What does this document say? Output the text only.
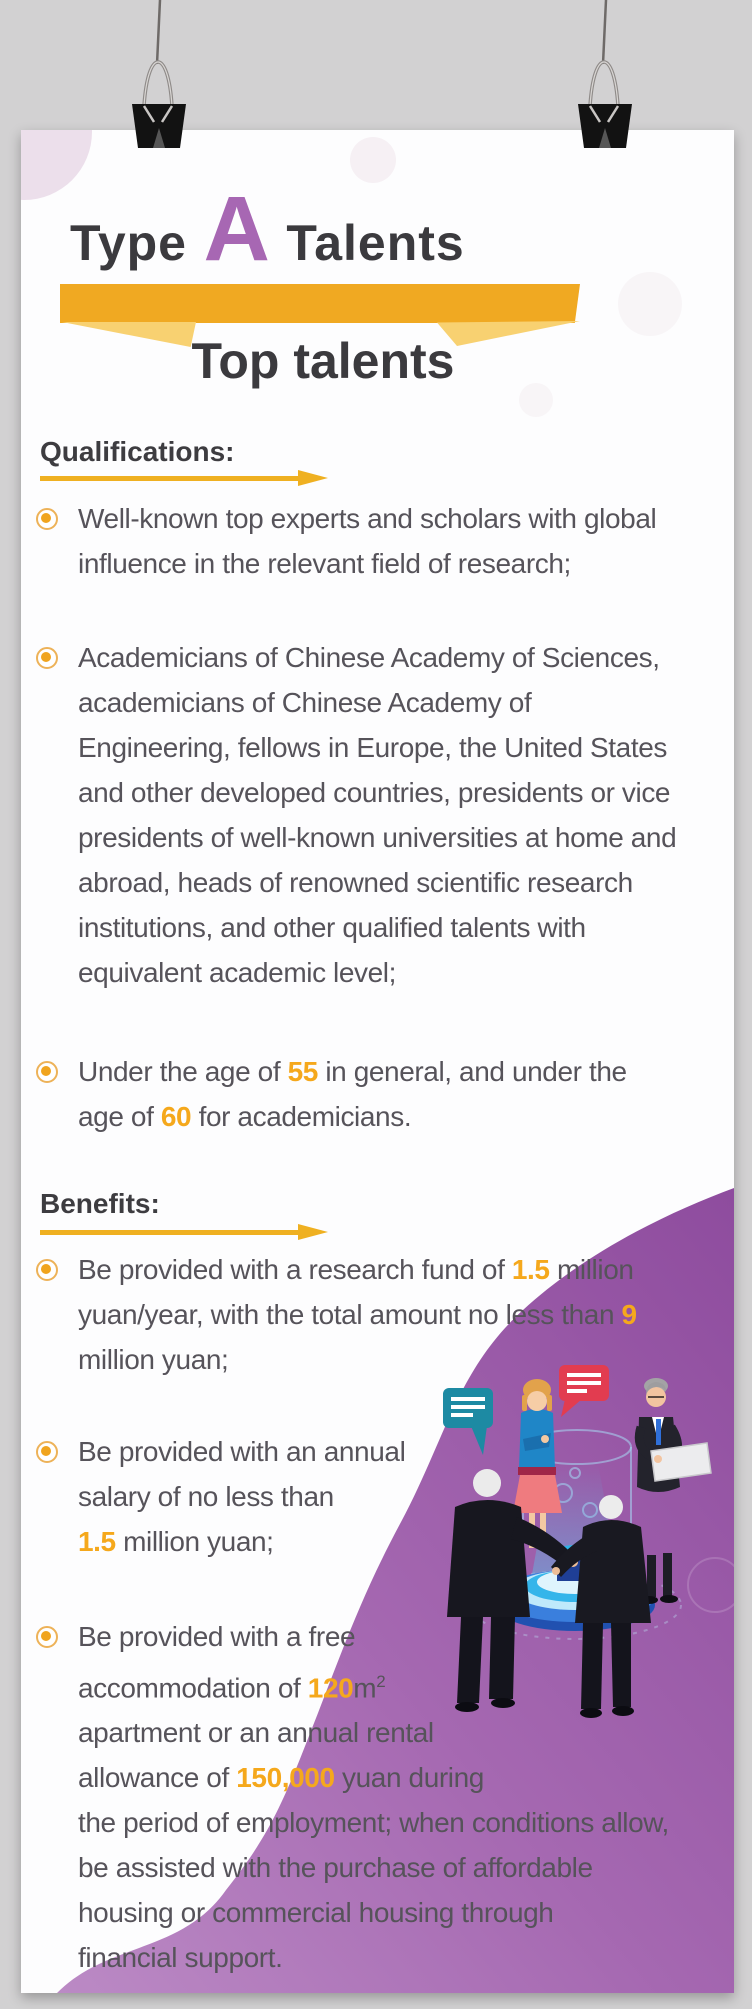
Type A Talents
Top talents
Qualifications:
Well-known top experts and scholars with global
influence in the relevant field of research;
Academicians of Chinese Academy of Sciences,
academicians of Chinese Academy of
Engineering, fellows in Europe, the United States
and other developed countries, presidents or vice
presidents of well-known universities at home and
abroad, heads of renowned scientific research
institutions, and other qualified talents with
equivalent academic level;
Under the age of 55 in general, and under the
age of 60 for academicians.
Benefits:
Be provided with a research fund of 1.5 million
yuan/year, with the total amount no less than 9
million yuan;
Be provided with an annual
salary of no less than
1.5 million yuan;
Be provided with a free
accommodation of $120m^2$
apartment or an annual rental
allowance of 150,000 yuan during
the period of employment; when conditions allow,
be assisted with the purchase of affordable
housing or commercial housing through
financial support.
